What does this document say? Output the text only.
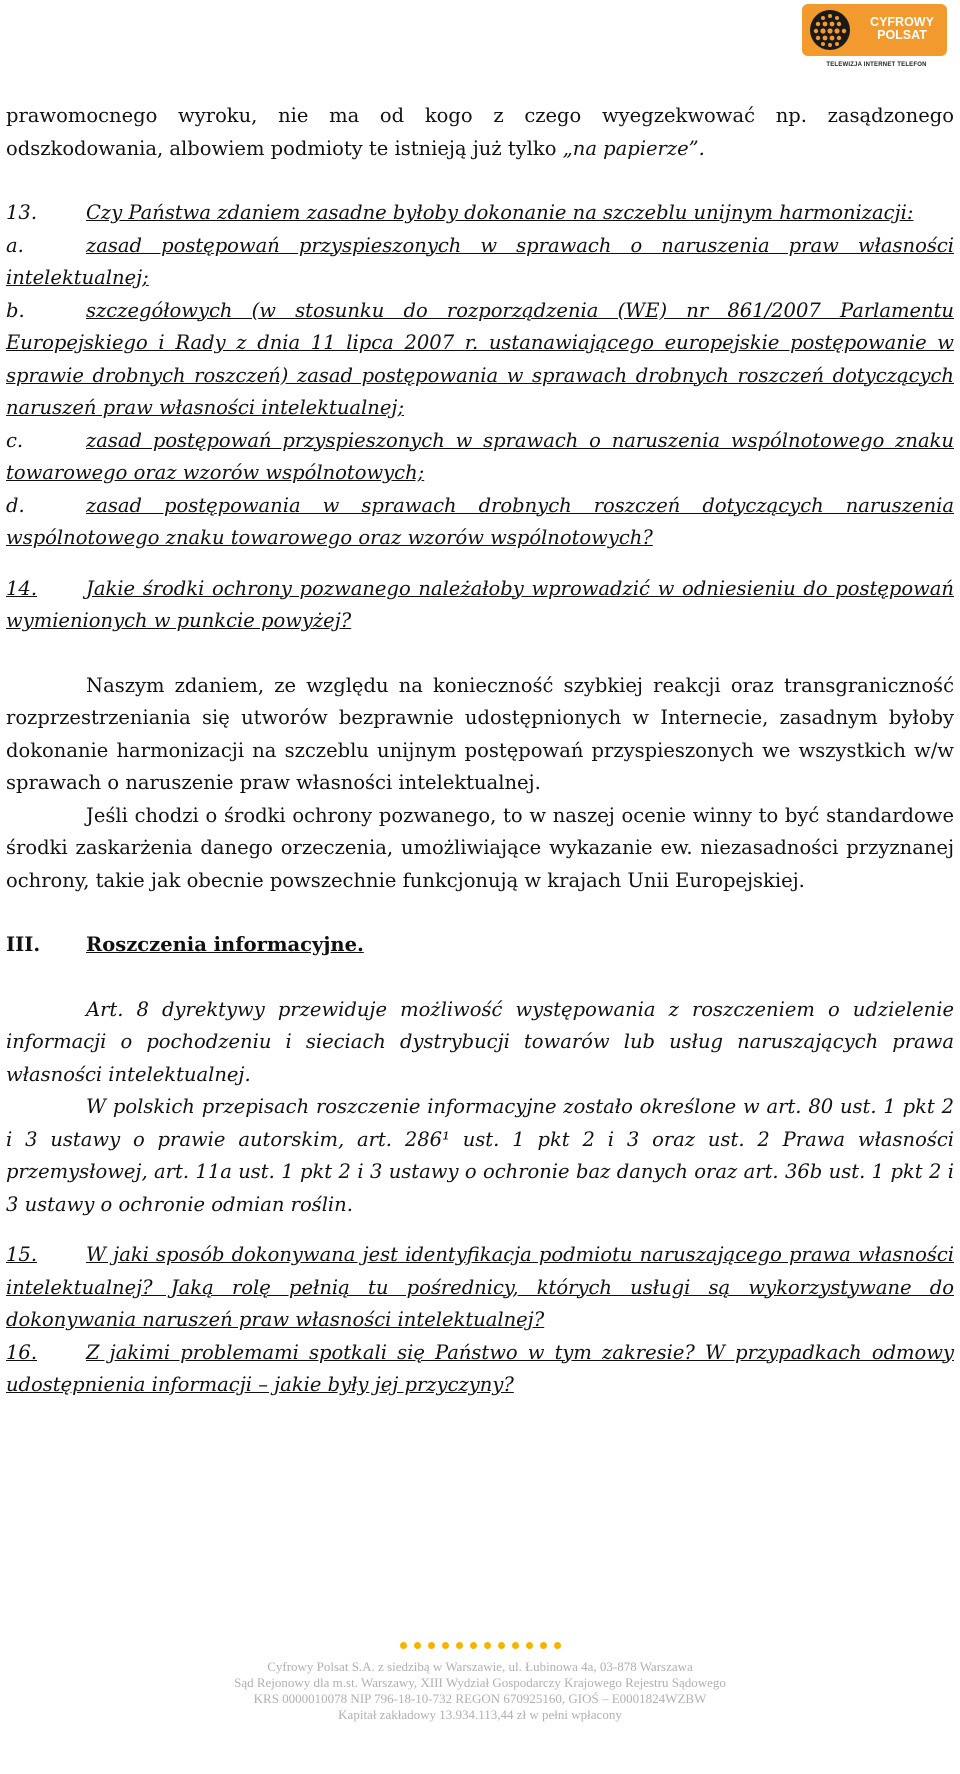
CYFROWY
POLSAT
TELEWIZJA INTERNET TELEFON

prawomocnego wyroku, nie ma od kogo z czego wyegzekwować np. zasądzonego odszkodowania, albowiem podmioty te istnieją już tylko „na papierze”.

13.	Czy Państwa zdaniem zasadne byłoby dokonanie na szczeblu unijnym harmonizacji:

a.	zasad postępowań przyspieszonych w sprawach o naruszenia praw własności intelektualnej;

b.	szczegółowych (w stosunku do rozporządzenia (WE) nr 861/2007 Parlamentu Europejskiego i Rady z dnia 11 lipca 2007 r. ustanawiającego europejskie postępowanie w sprawie drobnych roszczeń) zasad postępowania w sprawach drobnych roszczeń dotyczących naruszeń praw własności intelektualnej;

c.	zasad postępowań przyspieszonych w sprawach o naruszenia wspólnotowego znaku towarowego oraz wzorów wspólnotowych;

d.	zasad postępowania w sprawach drobnych roszczeń dotyczących naruszenia wspólnotowego znaku towarowego oraz wzorów wspólnotowych?

14.	Jakie środki ochrony pozwanego należałoby wprowadzić w odniesieniu do postępowań wymienionych w punkcie powyżej?

Naszym zdaniem, ze względu na konieczność szybkiej reakcji oraz transgraniczność rozprzestrzeniania się utworów bezprawnie udostępnionych w Internecie, zasadnym byłoby dokonanie harmonizacji na szczeblu unijnym postępowań przyspieszonych we wszystkich w/w sprawach o naruszenie praw własności intelektualnej.

Jeśli chodzi o środki ochrony pozwanego, to w naszej ocenie winny to być standardowe środki zaskarżenia danego orzeczenia, umożliwiające wykazanie ew. niezasadności przyznanej ochrony, takie jak obecnie powszechnie funkcjonują w krajach Unii Europejskiej.

III. Roszczenia informacyjne.

Art. 8 dyrektywy przewiduje możliwość występowania z roszczeniem o udzielenie informacji o pochodzeniu i sieciach dystrybucji towarów lub usług naruszających prawa własności intelektualnej.

W polskich przepisach roszczenie informacyjne zostało określone w art. 80 ust. 1 pkt 2 i 3 ustawy o prawie autorskim, art. 286¹ ust. 1 pkt 2 i 3 oraz ust. 2 Prawa własności przemysłowej, art. 11a ust. 1 pkt 2 i 3 ustawy o ochronie baz danych oraz art. 36b ust. 1 pkt 2 i 3 ustawy o ochronie odmian roślin.

15.	W jaki sposób dokonywana jest identyfikacja podmiotu naruszającego prawa własności intelektualnej? Jaką rolę pełnią tu pośrednicy, których usługi są wykorzystywane do dokonywania naruszeń praw własności intelektualnej?

16.	Z jakimi problemami spotkali się Państwo w tym zakresie? W przypadkach odmowy udostępnienia informacji – jakie były jej przyczyny?

Cyfrowy Polsat S.A. z siedzibą w Warszawie, ul. Łubinowa 4a, 03-878 Warszawa
Sąd Rejonowy dla m.st. Warszawy, XIII Wydział Gospodarczy Krajowego Rejestru Sądowego
KRS 0000010078 NIP 796-18-10-732 REGON 670925160, GIOŚ – E0001824WZBW
Kapitał zakładowy 13.934.113,44 zł w pełni wpłacony
